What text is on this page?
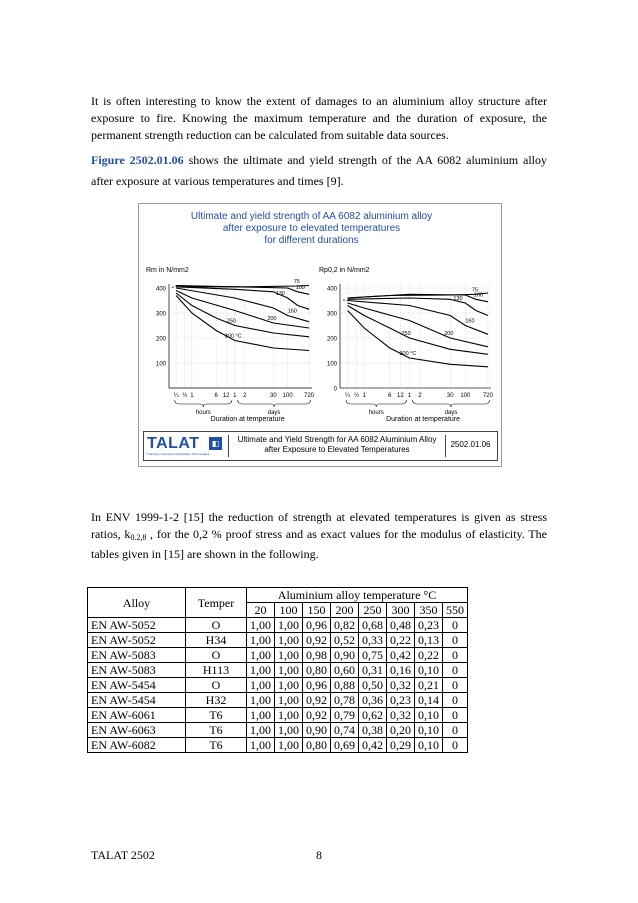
It is often interesting to know the extent of damages to an aluminium alloy structure after exposure to fire. Knowing the maximum temperature and the duration of exposure, the permanent strength reduction can be calculated from suitable data sources.
Figure 2502.01.06 shows the ultimate and yield strength of the AA 6082 aluminium alloy after exposure at various temperatures and times [9].
Rm in N/mm2
100
200
300
400
¼ ½ 1	6 12 1 2	30 100 720
hours	days
Duration at temperature
75
100
130
160
200
250
300 °C
Rp0,2 in N/mm2
0
100
200
300
400
¼ ½ 1	6 12 1 2	30 100 720
hours	days
Duration at temperature
75
100
130
160
200
250
300 °C
Ultimate and yield strength of AA 6082 aluminium alloy
after exposure to elevated temperatures
for different durations
TALAT	◧
Training in Aluminium Application Technologies
Ultimate and Yield Strength for AA 6082 Aluminium Alloy
after Exposure to Elevated Temperatures
2502.01.06
In ENV 1999-1-2 [15] the reduction of strength at elevated temperatures is given as stress ratios, $k_{0.2,\theta}$ , for the 0,2 % proof stress and as exact values for the modulus of elasticity. The tables given in [15] are shown in the following.
Alloy	Temper	Aluminium alloy temperature °C							
		20	100	150	200	250	300	350	550
EN AW-5052	O	1,00	1,00	0,96	0,82	0,68	0,48	0,23	0
EN AW-5052	H34	1,00	1,00	0,92	0,52	0,33	0,22	0,13	0
EN AW-5083	O	1,00	1,00	0,98	0,90	0,75	0,42	0,22	0
EN AW-5083	H113	1,00	1,00	0,80	0,60	0,31	0,16	0,10	0
EN AW-5454	O	1,00	1,00	0,96	0,88	0,50	0,32	0,21	0
EN AW-5454	H32	1,00	1,00	0,92	0,78	0,36	0,23	0,14	0
EN AW-6061	T6	1,00	1,00	0,92	0,79	0,62	0,32	0,10	0
EN AW-6063	T6	1,00	1,00	0,90	0,74	0,38	0,20	0,10	0
EN AW-6082	T6	1,00	1,00	0,80	0,69	0,42	0,29	0,10	0
TALAT 2502	8
